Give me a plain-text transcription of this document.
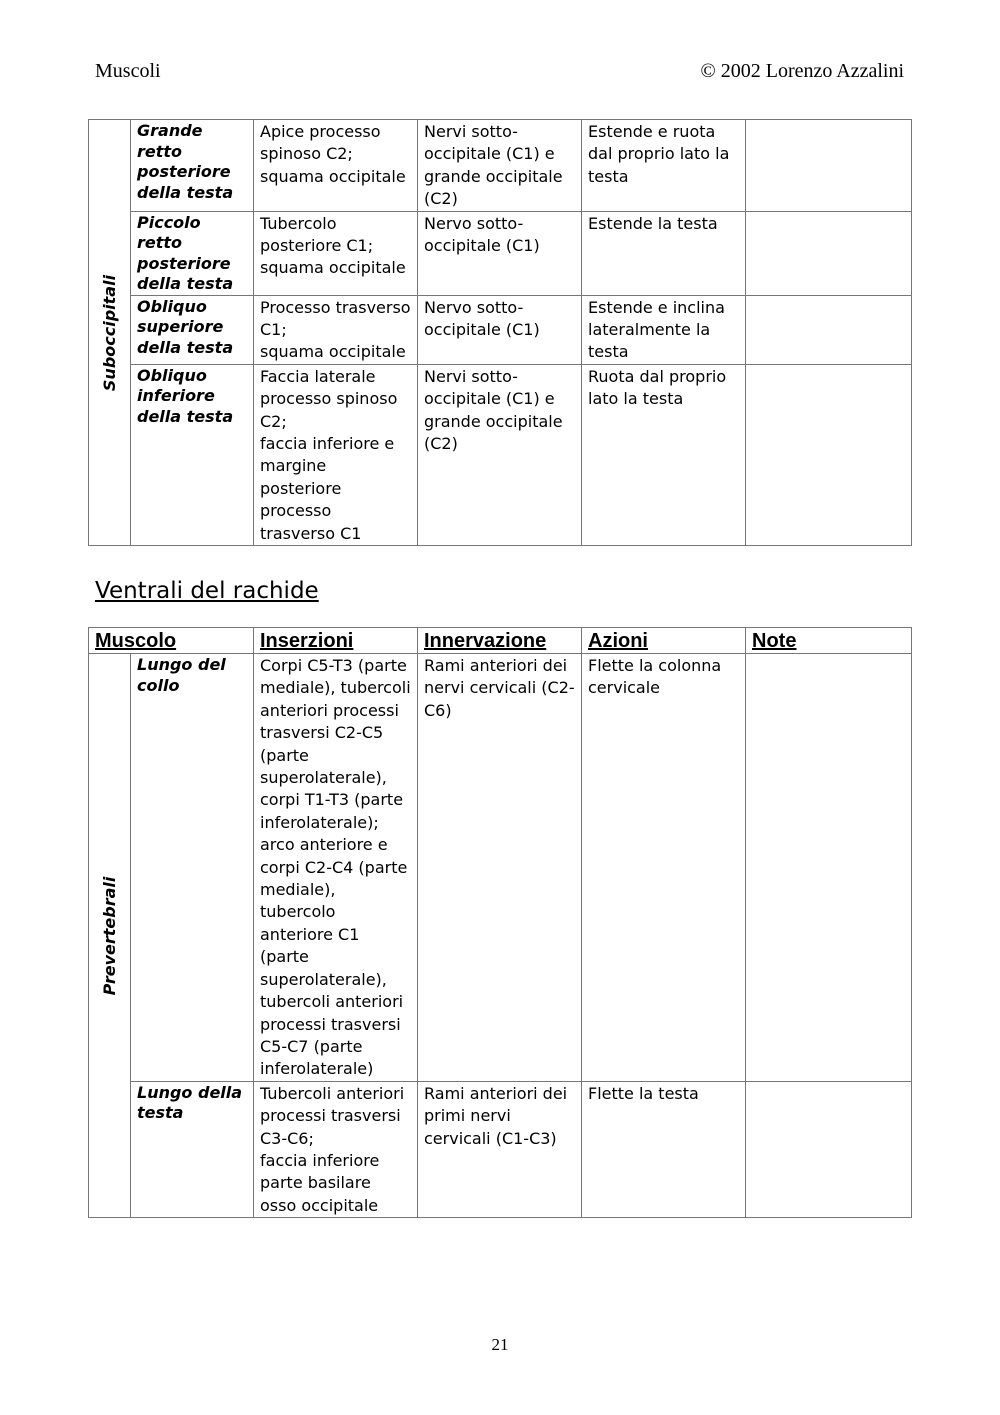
Muscoli	© 2002 Lorenzo Azzalini
Suboccipitali	Grande
retto
posteriore
della testa	Apice processo spinoso C2;
squama occipitale	Nervi sotto-occipitale (C1) e grande occipitale (C2)	Estende e ruota dal proprio lato la testa	
	Piccolo
retto
posteriore
della testa	Tubercolo posteriore C1;
squama occipitale	Nervo sotto-occipitale (C1)	Estende la testa	
	Obliquo
superiore
della testa	Processo trasverso C1;
squama occipitale	Nervo sotto-occipitale (C1)	Estende e inclina lateralmente la testa	
	Obliquo
inferiore
della testa	Faccia laterale processo spinoso C2;
faccia inferiore e margine posteriore processo trasverso C1	Nervi sotto-occipitale (C1) e grande occipitale (C2)	Ruota dal proprio lato la testa	
Ventrali del rachide
Muscolo		Inserzioni	Innervazione	Azioni	Note

Prevertebrali	Lungo del
collo	Corpi C5-T3 (parte mediale), tubercoli anteriori processi trasversi C2-C5 (parte superolaterale), corpi T1-T3 (parte inferolaterale);
arco anteriore e corpi C2-C4 (parte mediale), tubercolo anteriore C1 (parte superolaterale), tubercoli anteriori processi trasversi C5-C7 (parte inferolaterale)	Rami anteriori dei nervi cervicali (C2-C6)	Flette la colonna cervicale	
	Lungo della
testa	Tubercoli anteriori processi trasversi C3-C6;
faccia inferiore parte basilare osso occipitale	Rami anteriori dei primi nervi cervicali (C1-C3)	Flette la testa	
21
